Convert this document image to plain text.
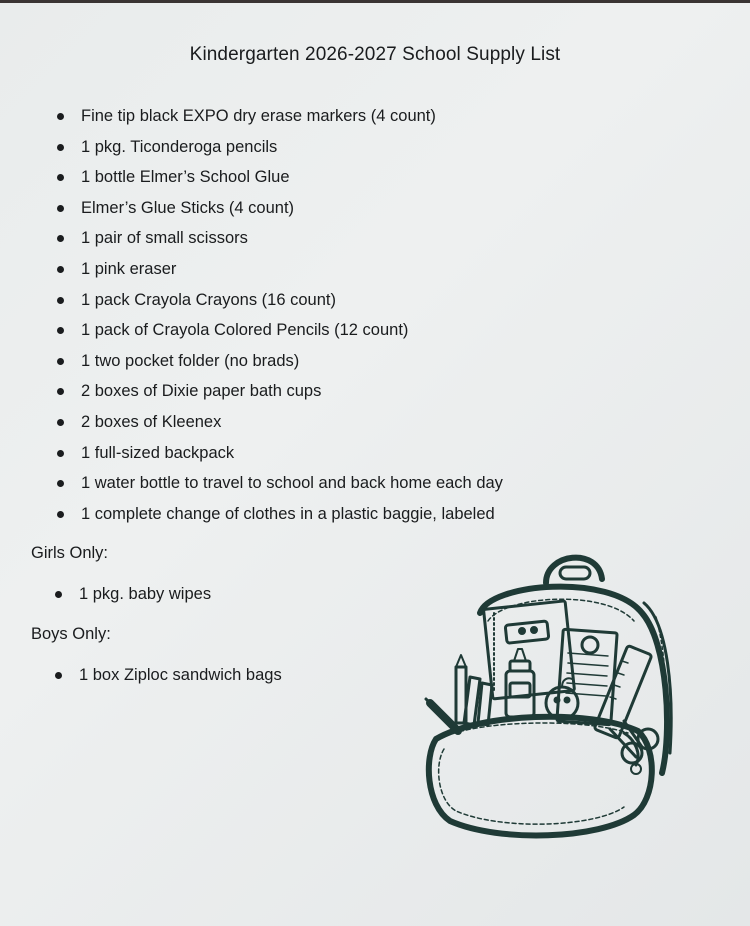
Kindergarten 2026-2027 School Supply List
Fine tip black EXPO dry erase markers (4 count)
1 pkg. Ticonderoga pencils
1 bottle Elmer’s School Glue
Elmer’s Glue Sticks (4 count)
1 pair of small scissors
1 pink eraser
1 pack Crayola Crayons (16 count)
1 pack of Crayola Colored Pencils (12 count)
1 two pocket folder (no brads)
2 boxes of Dixie paper bath cups
2 boxes of Kleenex
1 full-sized backpack
1 water bottle to travel to school and back home each day
1 complete change of clothes in a plastic baggie, labeled
Girls Only:
1 pkg. baby wipes
Boys Only:
1 box Ziploc sandwich bags
